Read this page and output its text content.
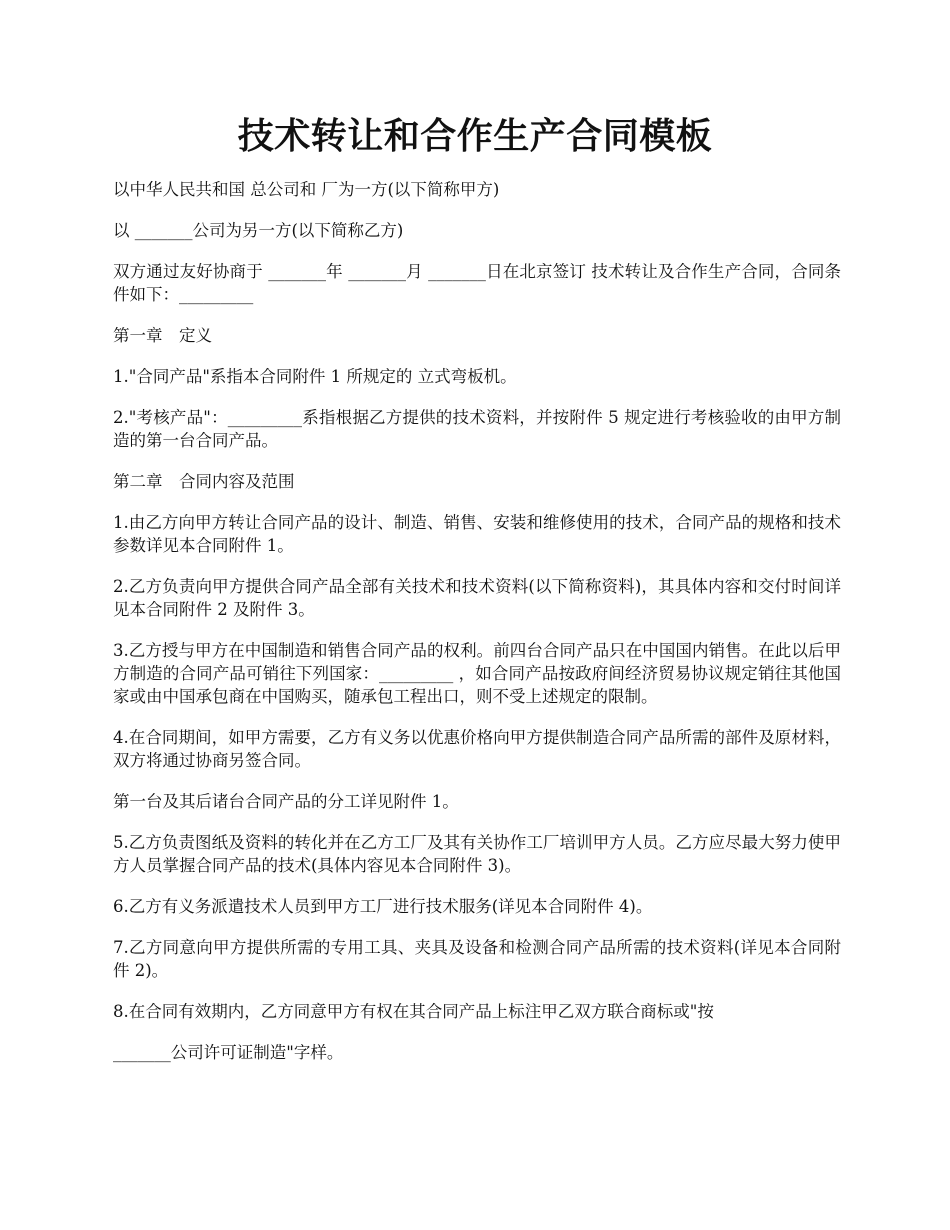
技术转让和合作生产合同模板

以中华人民共和国 总公司和 厂为一方(以下简称甲方)

以 _______公司为另一方(以下简称乙方)

双方通过友好协商于 _______年 _______月 _______日在北京签订 技术转让及合作生产合同，合同条件如下：_________

第一章　定义

1."合同产品"系指本合同附件 1 所规定的 立式弯板机。

2."考核产品"：_________系指根据乙方提供的技术资料，并按附件 5 规定进行考核验收的由甲方制造的第一台合同产品。

第二章　合同内容及范围

1.由乙方向甲方转让合同产品的设计、制造、销售、安装和维修使用的技术，合同产品的规格和技术参数详见本合同附件 1。

2.乙方负责向甲方提供合同产品全部有关技术和技术资料(以下简称资料)，其具体内容和交付时间详见本合同附件 2 及附件 3。

3.乙方授与甲方在中国制造和销售合同产品的权利。前四台合同产品只在中国国内销售。在此以后甲方制造的合同产品可销往下列国家：_________ ，如合同产品按政府间经济贸易协议规定销往其他国家或由中国承包商在中国购买，随承包工程出口，则不受上述规定的限制。

4.在合同期间，如甲方需要，乙方有义务以优惠价格向甲方提供制造合同产品所需的部件及原材料，双方将通过协商另签合同。

第一台及其后诸台合同产品的分工详见附件 1。

5.乙方负责图纸及资料的转化并在乙方工厂及其有关协作工厂培训甲方人员。乙方应尽最大努力使甲方人员掌握合同产品的技术(具体内容见本合同附件 3)。

6.乙方有义务派遣技术人员到甲方工厂进行技术服务(详见本合同附件 4)。

7.乙方同意向甲方提供所需的专用工具、夹具及设备和检测合同产品所需的技术资料(详见本合同附件 2)。

8.在合同有效期内，乙方同意甲方有权在其合同产品上标注甲乙双方联合商标或"按

_______公司许可证制造"字样。
